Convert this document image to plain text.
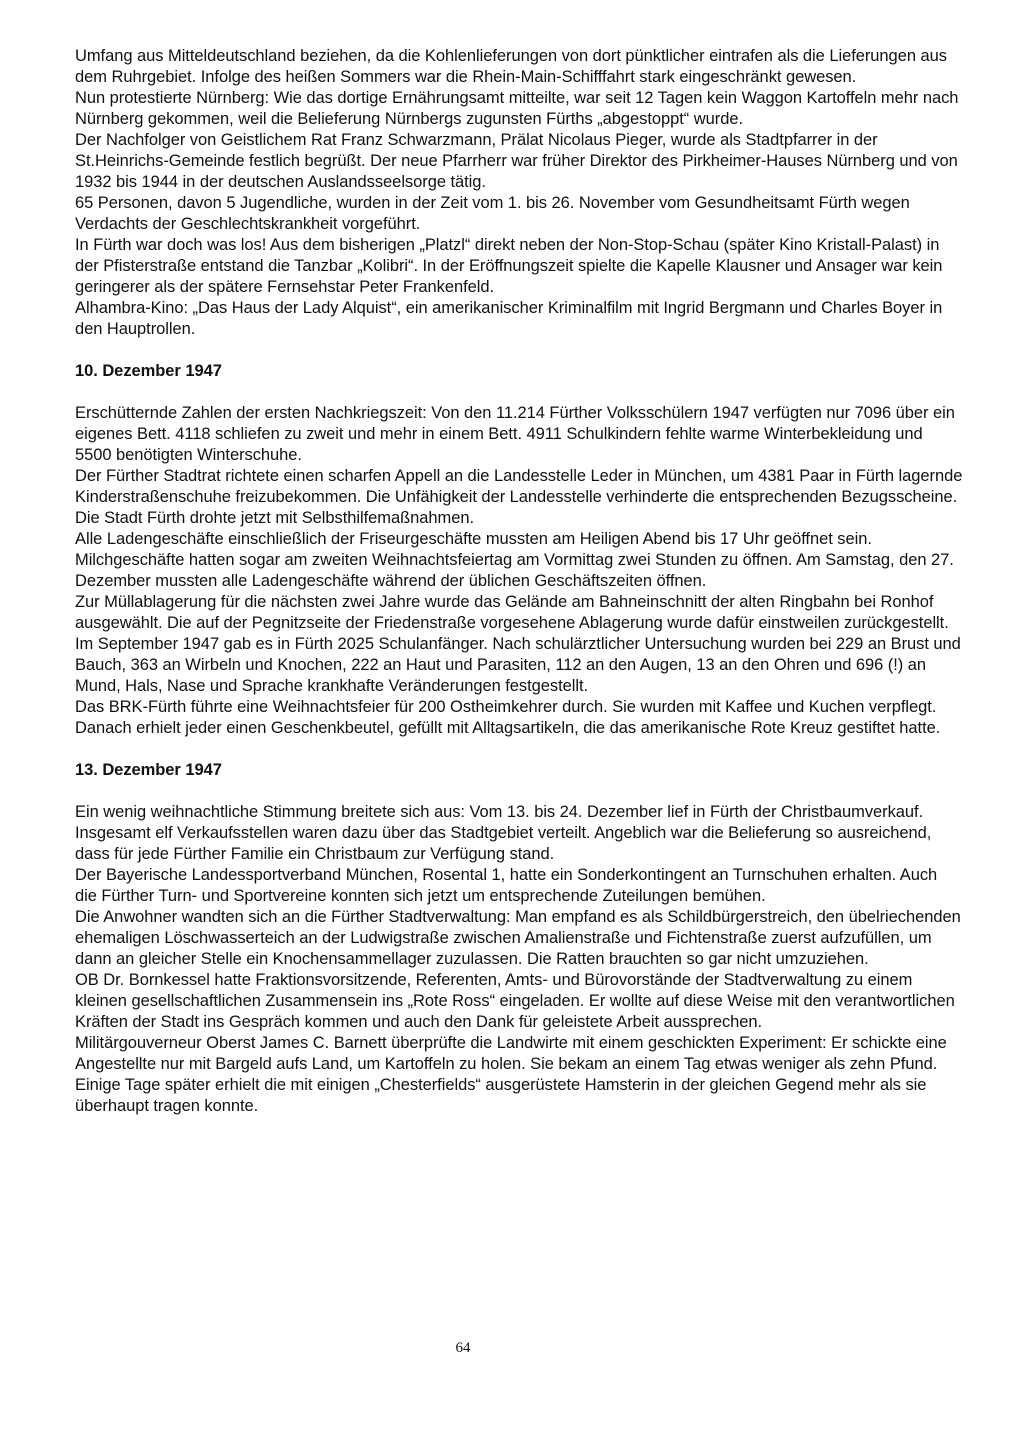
Umfang aus Mitteldeutschland beziehen, da die Kohlenlieferungen von dort pünktlicher eintrafen als die Lieferungen aus dem Ruhrgebiet. Infolge des heißen Sommers war die Rhein-Main-Schifffahrt stark eingeschränkt gewesen.

Nun protestierte Nürnberg: Wie das dortige Ernährungsamt mitteilte, war seit 12 Tagen kein Waggon Kartoffeln mehr nach Nürnberg gekommen, weil die Belieferung Nürnbergs zugunsten Fürths „abgestoppt“ wurde.

Der Nachfolger von Geistlichem Rat Franz Schwarzmann, Prälat Nicolaus Pieger, wurde als Stadtpfarrer in der St.Heinrichs-Gemeinde festlich begrüßt. Der neue Pfarrherr war früher Direktor des Pirkheimer-Hauses Nürnberg und von 1932 bis 1944 in der deutschen Auslandsseelsorge tätig.

65 Personen, davon 5 Jugendliche, wurden in der Zeit vom 1. bis 26. November vom Gesundheitsamt Fürth wegen Verdachts der Geschlechtskrankheit vorgeführt.

In Fürth war doch was los! Aus dem bisherigen „Platzl“ direkt neben der Non-Stop-Schau (später Kino Kristall-Palast) in der Pfisterstraße entstand die Tanzbar „Kolibri“. In der Eröffnungszeit spielte die Kapelle Klausner und Ansager war kein geringerer als der spätere Fernsehstar Peter Frankenfeld.

Alhambra-Kino: „Das Haus der Lady Alquist“, ein amerikanischer Kriminalfilm mit Ingrid Bergmann und Charles Boyer in den Hauptrollen.

10. Dezember 1947

Erschütternde Zahlen der ersten Nachkriegszeit: Von den 11.214 Fürther Volksschülern 1947 verfügten nur 7096 über ein eigenes Bett. 4118 schliefen zu zweit und mehr in einem Bett. 4911 Schulkindern fehlte warme Winterbekleidung und 5500 benötigten Winterschuhe.

Der Fürther Stadtrat richtete einen scharfen Appell an die Landesstelle Leder in München, um 4381 Paar in Fürth lagernde Kinderstraßenschuhe freizubekommen. Die Unfähigkeit der Landesstelle verhinderte die entsprechenden Bezugsscheine. Die Stadt Fürth drohte jetzt mit Selbsthilfemaßnahmen.

Alle Ladengeschäfte einschließlich der Friseurgeschäfte mussten am Heiligen Abend bis 17 Uhr geöffnet sein. Milchgeschäfte hatten sogar am zweiten Weihnachtsfeiertag am Vormittag zwei Stunden zu öffnen. Am Samstag, den 27. Dezember mussten alle Ladengeschäfte während der üblichen Geschäftszeiten öffnen.

Zur Müllablagerung für die nächsten zwei Jahre wurde das Gelände am Bahneinschnitt der alten Ringbahn bei Ronhof ausgewählt. Die auf der Pegnitzseite der Friedenstraße vorgesehene Ablagerung wurde dafür einstweilen zurückgestellt.

Im September 1947 gab es in Fürth 2025 Schulanfänger. Nach schulärztlicher Untersuchung wurden bei 229 an Brust und Bauch, 363 an Wirbeln und Knochen, 222 an Haut und Parasiten, 112 an den Augen, 13 an den Ohren und 696 (!) an Mund, Hals, Nase und Sprache krankhafte Veränderungen festgestellt.

Das BRK-Fürth führte eine Weihnachtsfeier für 200 Ostheimkehrer durch. Sie wurden mit Kaffee und Kuchen verpflegt. Danach erhielt jeder einen Geschenkbeutel, gefüllt mit Alltagsartikeln, die das amerikanische Rote Kreuz gestiftet hatte.

13. Dezember 1947

Ein wenig weihnachtliche Stimmung breitete sich aus: Vom 13. bis 24. Dezember lief in Fürth der Christbaumverkauf. Insgesamt elf Verkaufsstellen waren dazu über das Stadtgebiet verteilt. Angeblich war die Belieferung so ausreichend, dass für jede Fürther Familie ein Christbaum zur Verfügung stand.

Der Bayerische Landessportverband München, Rosental 1, hatte ein Sonderkontingent an Turnschuhen erhalten. Auch die Fürther Turn- und Sportvereine konnten sich jetzt um entsprechende Zuteilungen bemühen.

Die Anwohner wandten sich an die Fürther Stadtverwaltung: Man empfand es als Schildbürgerstreich, den übelriechenden ehemaligen Löschwasserteich an der Ludwigstraße zwischen Amalienstraße und Fichtenstraße zuerst aufzufüllen, um dann an gleicher Stelle ein Knochensammellager zuzulassen. Die Ratten brauchten so gar nicht umzuziehen.

OB Dr. Bornkessel hatte Fraktionsvorsitzende, Referenten, Amts- und Bürovorstände der Stadtverwaltung zu einem kleinen gesellschaftlichen Zusammensein ins „Rote Ross“ eingeladen. Er wollte auf diese Weise mit den verantwortlichen Kräften der Stadt ins Gespräch kommen und auch den Dank für geleistete Arbeit aussprechen.

Militärgouverneur Oberst James C. Barnett überprüfte die Landwirte mit einem geschickten Experiment: Er schickte eine Angestellte nur mit Bargeld aufs Land, um Kartoffeln zu holen. Sie bekam an einem Tag etwas weniger als zehn Pfund. Einige Tage später erhielt die mit einigen „Chesterfields“ ausgerüstete Hamsterin in der gleichen Gegend mehr als sie überhaupt tragen konnte.

64
